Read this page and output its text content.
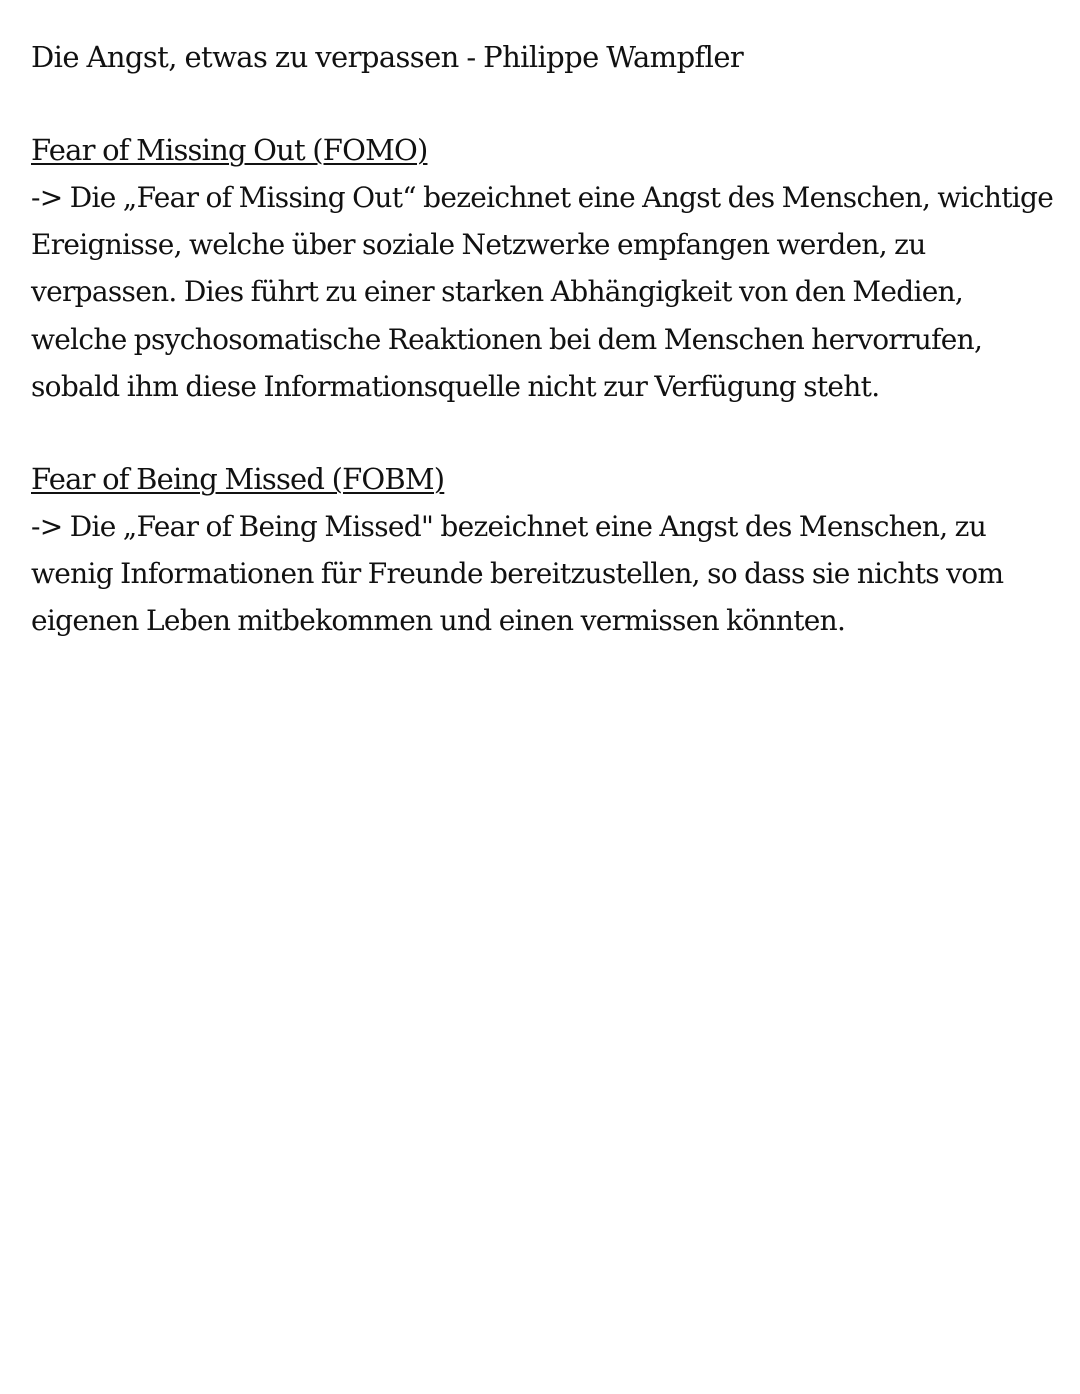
Die Angst, etwas zu verpassen - Philippe Wampfler

Fear of Missing Out (FOMO)

-> Die „Fear of Missing Out“ bezeichnet eine Angst des Menschen, wichtige
Ereignisse, welche über soziale Netzwerke empfangen werden, zu
verpassen. Dies führt zu einer starken Abhängigkeit von den Medien,
welche psychosomatische Reaktionen bei dem Menschen hervorrufen,
sobald ihm diese Informationsquelle nicht zur Verfügung steht.

Fear of Being Missed (FOBM)

-> Die „Fear of Being Missed" bezeichnet eine Angst des Menschen, zu
wenig Informationen für Freunde bereitzustellen, so dass sie nichts vom
eigenen Leben mitbekommen und einen vermissen könnten.
